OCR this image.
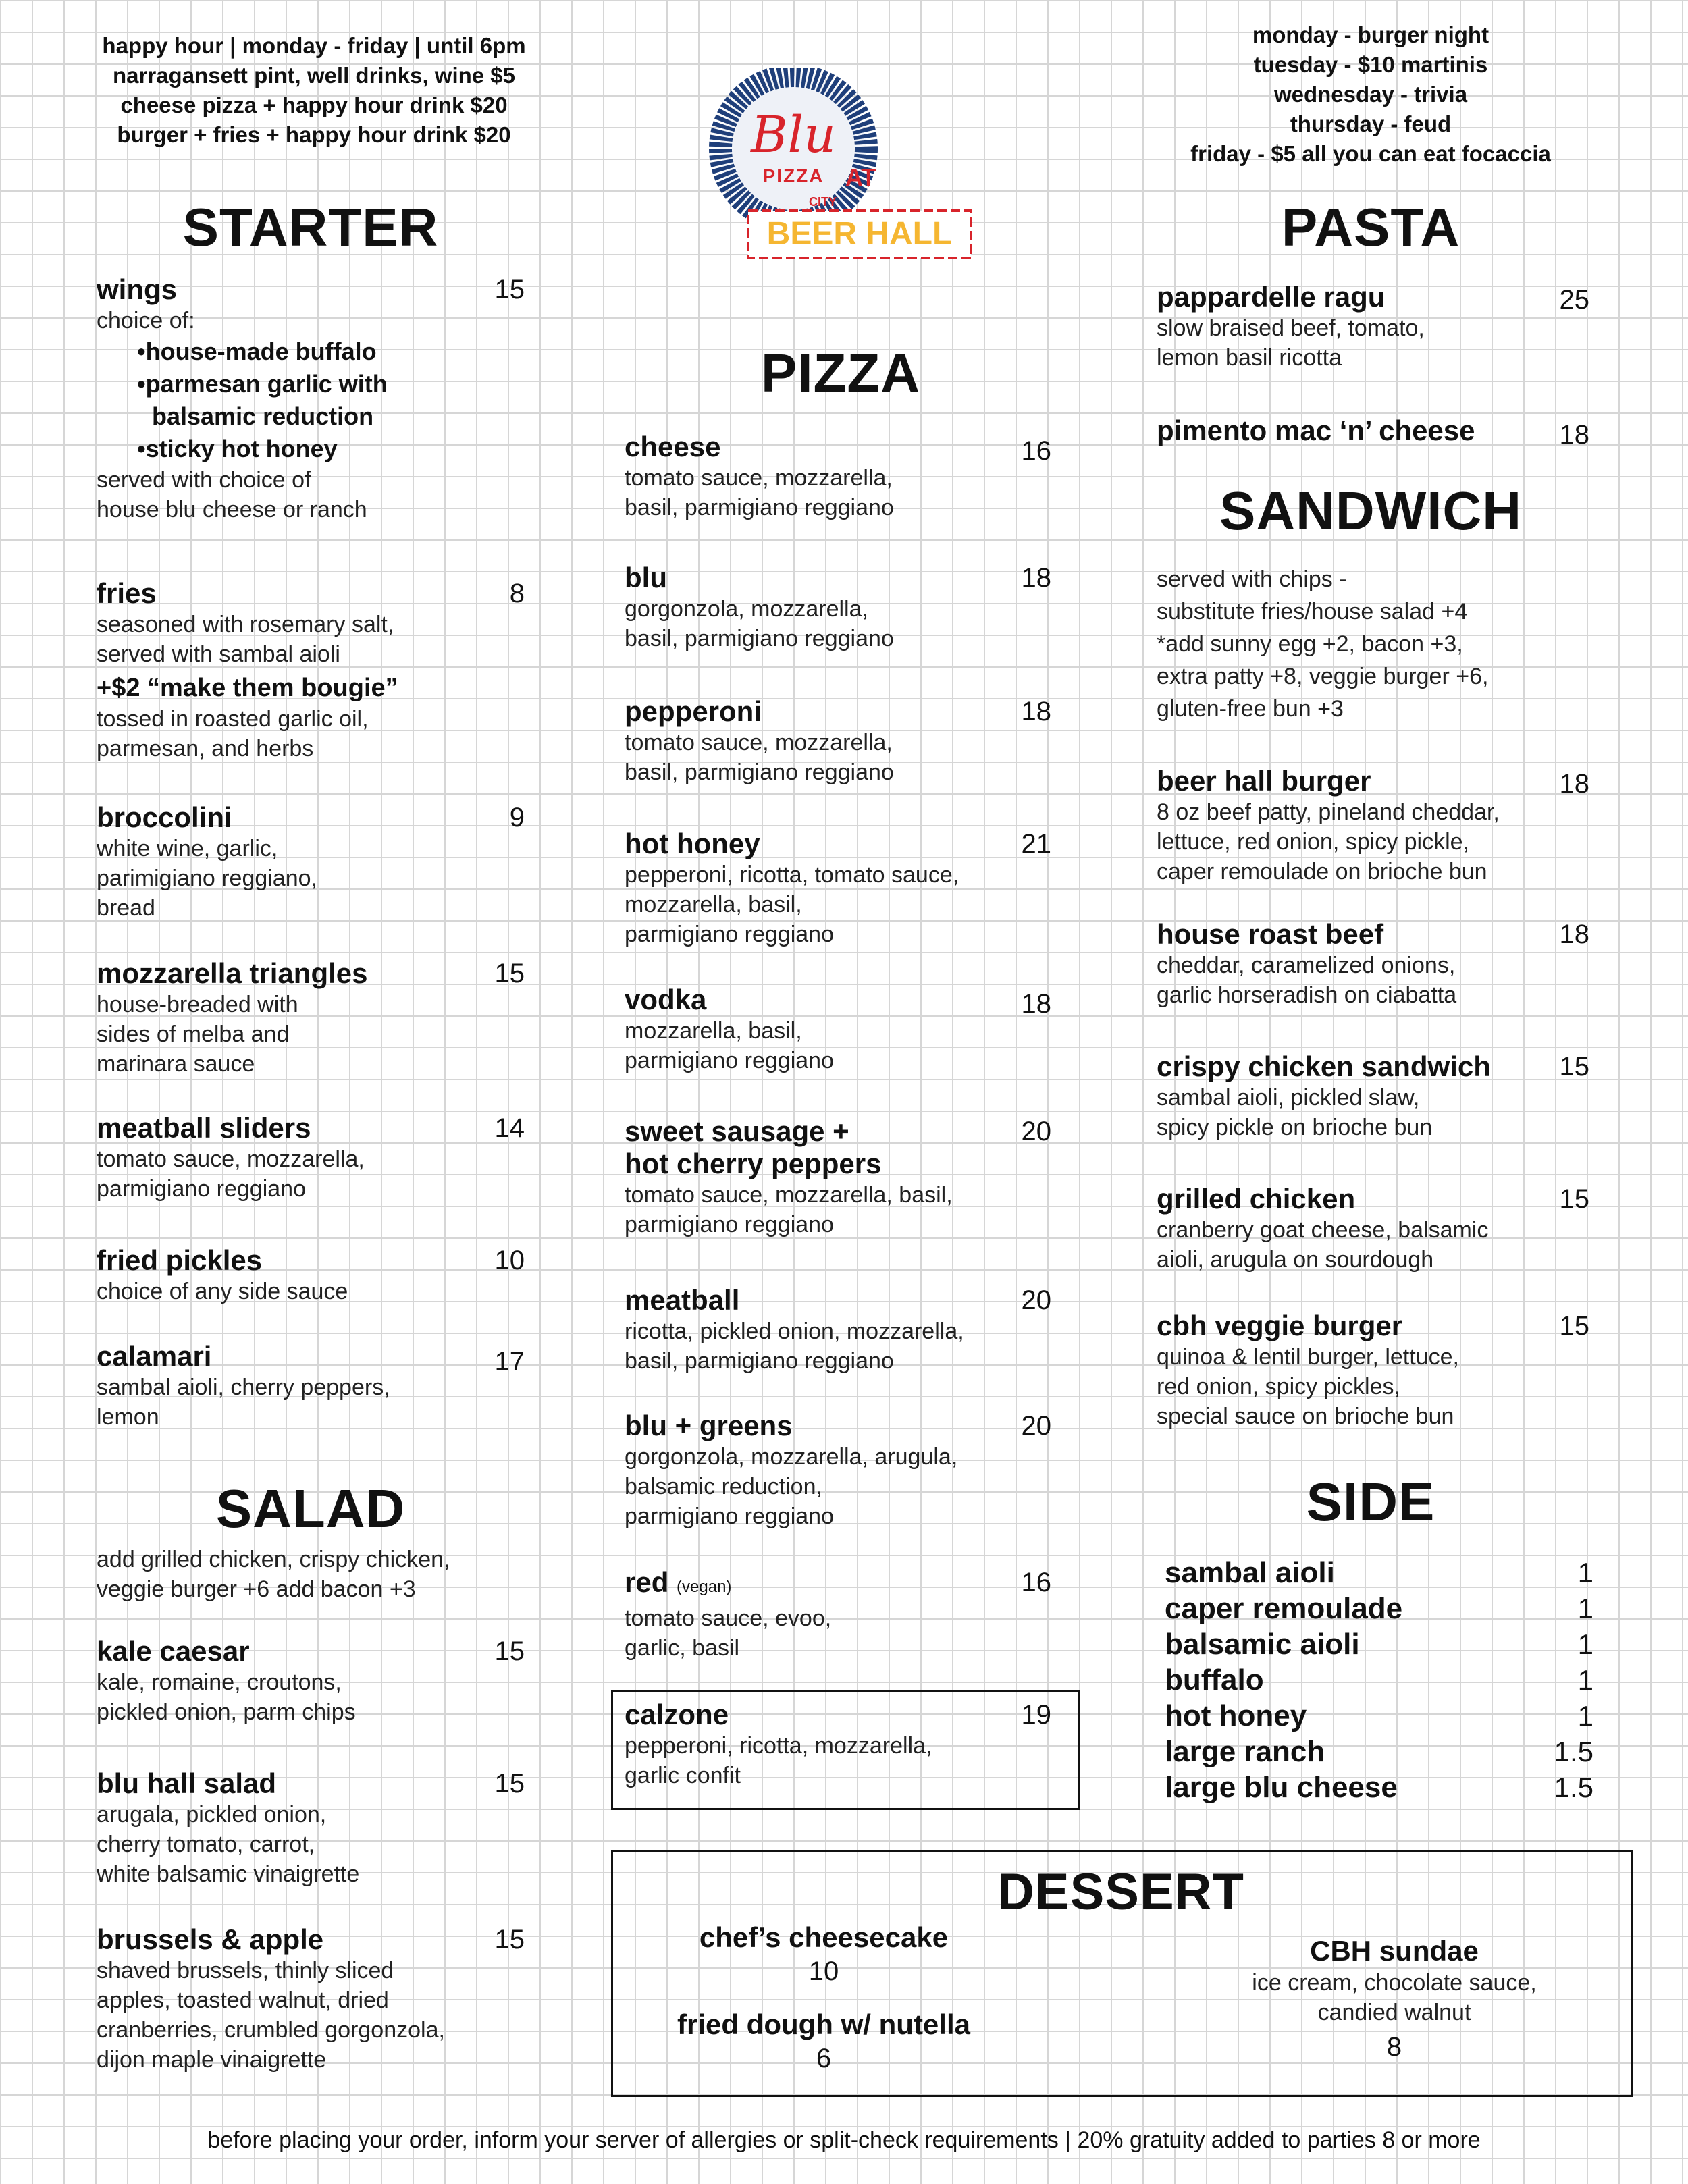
happy hour | monday - friday | until 6pm
narragansett pint, well drinks, wine $5
cheese pizza + happy hour drink $20
burger + fries + happy hour drink $20
monday - burger night
tuesday - $10 martinis
wednesday - trivia
thursday - feud
friday - $5 all you can eat focaccia
Blu
PIZZA AT
CITY
BEER HALL
STARTER
wings	15
choice of:
•house-made buffalo
•parmesan garlic with
balsamic reduction
•sticky hot honey
served with choice of
house blu cheese or ranch
fries	8
seasoned with rosemary salt,
served with sambal aioli
+$2 “make them bougie”
tossed in roasted garlic oil,
parmesan, and herbs
broccolini	9
white wine, garlic,
parimigiano reggiano,
bread
mozzarella triangles	15
house-breaded with
sides of melba and
marinara sauce
meatball sliders	14
tomato sauce, mozzarella,
parmigiano reggiano
fried pickles	10
choice of any side sauce
calamari	17
sambal aioli, cherry peppers,
lemon
SALAD
add grilled chicken, crispy chicken,
veggie burger +6 add bacon +3
kale caesar	15
kale, romaine, croutons,
pickled onion, parm chips
blu hall salad	15
arugala, pickled onion,
cherry tomato, carrot,
white balsamic vinaigrette
brussels & apple	15
shaved brussels, thinly sliced
apples, toasted walnut, dried
cranberries, crumbled gorgonzola,
dijon maple vinaigrette
PIZZA
cheese	16
tomato sauce, mozzarella,
basil, parmigiano reggiano
blu	18
gorgonzola, mozzarella,
basil, parmigiano reggiano
pepperoni	18
tomato sauce, mozzarella,
basil, parmigiano reggiano
hot honey	21
pepperoni, ricotta, tomato sauce,
mozzarella, basil,
parmigiano reggiano
vodka	18
mozzarella, basil,
parmigiano reggiano
sweet sausage +
hot cherry peppers
20
tomato sauce, mozzarella, basil,
parmigiano reggiano
meatball	20
ricotta, pickled onion, mozzarella,
basil, parmigiano reggiano
blu + greens	20
gorgonzola, mozzarella, arugula,
balsamic reduction,
parmigiano reggiano
red (vegan)	16
tomato sauce, evoo,
garlic, basil
calzone	19
pepperoni, ricotta, mozzarella,
garlic confit
PASTA
pappardelle ragu	25
slow braised beef, tomato,
lemon basil ricotta
pimento mac ‘n’ cheese	18
SANDWICH
served with chips -
substitute fries/house salad +4
*add sunny egg +2, bacon +3,
extra patty +8, veggie burger +6,
gluten-free bun +3
beer hall burger	18
8 oz beef patty, pineland cheddar,
lettuce, red onion, spicy pickle,
caper remoulade on brioche bun
house roast beef	18
cheddar, caramelized onions,
garlic horseradish on ciabatta
crispy chicken sandwich	15
sambal aioli, pickled slaw,
spicy pickle on brioche bun
grilled chicken	15
cranberry goat cheese, balsamic
aioli, arugula on sourdough
cbh veggie burger	15
quinoa & lentil burger, lettuce,
red onion, spicy pickles,
special sauce on brioche bun
SIDE
sambal aioli	1
caper remoulade	1
balsamic aioli	1
buffalo	1
hot honey	1
large ranch	1.5
large blu cheese	1.5
DESSERT
chef’s cheesecake
10
fried dough w/ nutella
6
CBH sundae
ice cream, chocolate sauce,
candied walnut
8
before placing your order, inform your server of allergies or split-check requirements | 20% gratuity added to parties 8 or more
